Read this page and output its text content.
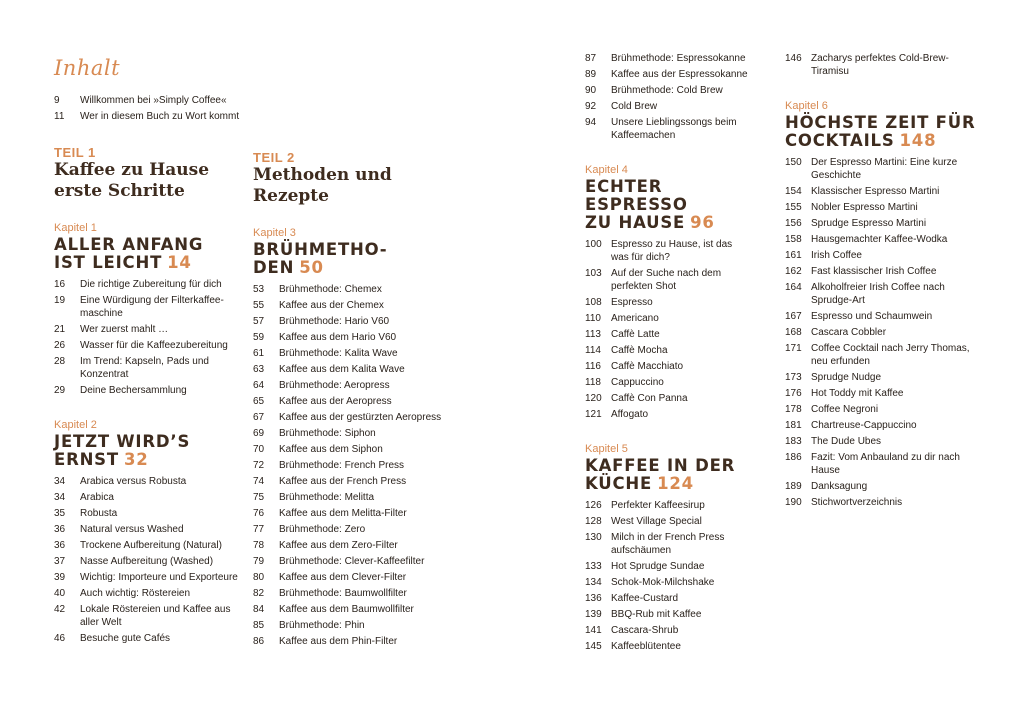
Inhalt
9	Willkommen bei »Simply Coffee«
11	Wer in diesem Buch zu Wort kommt
TEIL 1
Kaffee zu Hause
erste Schritte
Kapitel 1
ALLER ANFANG
IST LEICHT 14
16	Die richtige Zubereitung für dich
19	Eine Würdigung der Filterkaffee-
maschine
21	Wer zuerst mahlt …
26	Wasser für die Kaffeezubereitung
28	Im Trend: Kapseln, Pads und
Konzentrat
29	Deine Bechersammlung
Kapitel 2
JETZT WIRD’S
ERNST 32
34	Arabica versus Robusta
34	Arabica
35	Robusta
36	Natural versus Washed
36	Trockene Aufbereitung (Natural)
37	Nasse Aufbereitung (Washed)
39	Wichtig: Importeure und Exporteure
40	Auch wichtig: Röstereien
42	Lokale Röstereien und Kaffee aus
aller Welt
46	Besuche gute Cafés
TEIL 2
Methoden und
Rezepte
Kapitel 3
BRÜHMETHO-
DEN 50
53	Brühmethode: Chemex
55	Kaffee aus der Chemex
57	Brühmethode: Hario V60
59	Kaffee aus dem Hario V60
61	Brühmethode: Kalita Wave
63	Kaffee aus dem Kalita Wave
64	Brühmethode: Aeropress
65	Kaffee aus der Aeropress
67	Kaffee aus der gestürzten Aeropress
69	Brühmethode: Siphon
70	Kaffee aus dem Siphon
72	Brühmethode: French Press
74	Kaffee aus der French Press
75	Brühmethode: Melitta
76	Kaffee aus dem Melitta-Filter
77	Brühmethode: Zero
78	Kaffee aus dem Zero-Filter
79	Brühmethode: Clever-Kaffeefilter
80	Kaffee aus dem Clever-Filter
82	Brühmethode: Baumwollfilter
84	Kaffee aus dem Baumwollfilter
85	Brühmethode: Phin
86	Kaffee aus dem Phin-Filter
87	Brühmethode: Espressokanne
89	Kaffee aus der Espressokanne
90	Brühmethode: Cold Brew
92	Cold Brew
94	Unsere Lieblingssongs beim
Kaffeemachen
Kapitel 4
ECHTER ESPRESSO
ZU HAUSE 96
100 Espresso zu Hause, ist das
was für dich?
103 Auf der Suche nach dem
perfekten Shot
108 Espresso
110	Americano
113	Caffè Latte
114	Caffè Mocha
116	Caffè Macchiato
118	Cappuccino
120 Caffè Con Panna
121 Affogato
Kapitel 5
KAFFEE IN DER
KÜCHE 124
126 Perfekter Kaffeesirup
128 West Village Special
130 Milch in der French Press
aufschäumen
133 Hot Sprudge Sundae
134 Schok-Mok-Milchshake
136 Kaffee-Custard
139 BBQ-Rub mit Kaffee
141 Cascara-Shrub
145 Kaffeeblütentee
146 Zacharys perfektes Cold-Brew-
Tiramisu
Kapitel 6
HÖCHSTE ZEIT FÜR
COCKTAILS 148
150 Der Espresso Martini: Eine kurze
Geschichte
154 Klassischer Espresso Martini
155 Nobler Espresso Martini
156 Sprudge Espresso Martini
158 Hausgemachter Kaffee-Wodka
161 Irish Coffee
162 Fast klassischer Irish Coffee
164 Alkoholfreier Irish Coffee nach
Sprudge-Art
167 Espresso und Schaumwein
168 Cascara Cobbler
171 Coffee Cocktail nach Jerry Thomas,
neu erfunden
173 Sprudge Nudge
176 Hot Toddy mit Kaffee
178 Coffee Negroni
181 Chartreuse-Cappuccino
183 The Dude Ubes
186 Fazit: Vom Anbauland zu dir nach
Hause
189 Danksagung
190 Stichwortverzeichnis
